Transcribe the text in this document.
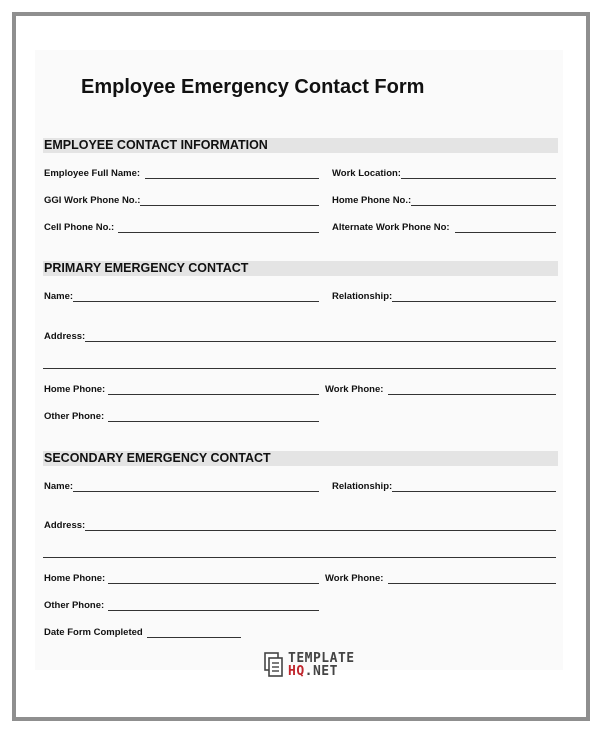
Employee Emergency Contact Form
EMPLOYEE CONTACT INFORMATION
Employee Full Name:	Work Location:
GGI Work Phone No.:	Home Phone No.:
Cell Phone No.:	Alternate Work Phone No:
PRIMARY EMERGENCY CONTACT
Name:	Relationship:
Address:
Home Phone:	Work Phone:
Other Phone:
SECONDARY EMERGENCY CONTACT
Name:	Relationship:
Address:
Home Phone:	Work Phone:
Other Phone:
Date Form Completed
TEMPLATE
HQ.NET
